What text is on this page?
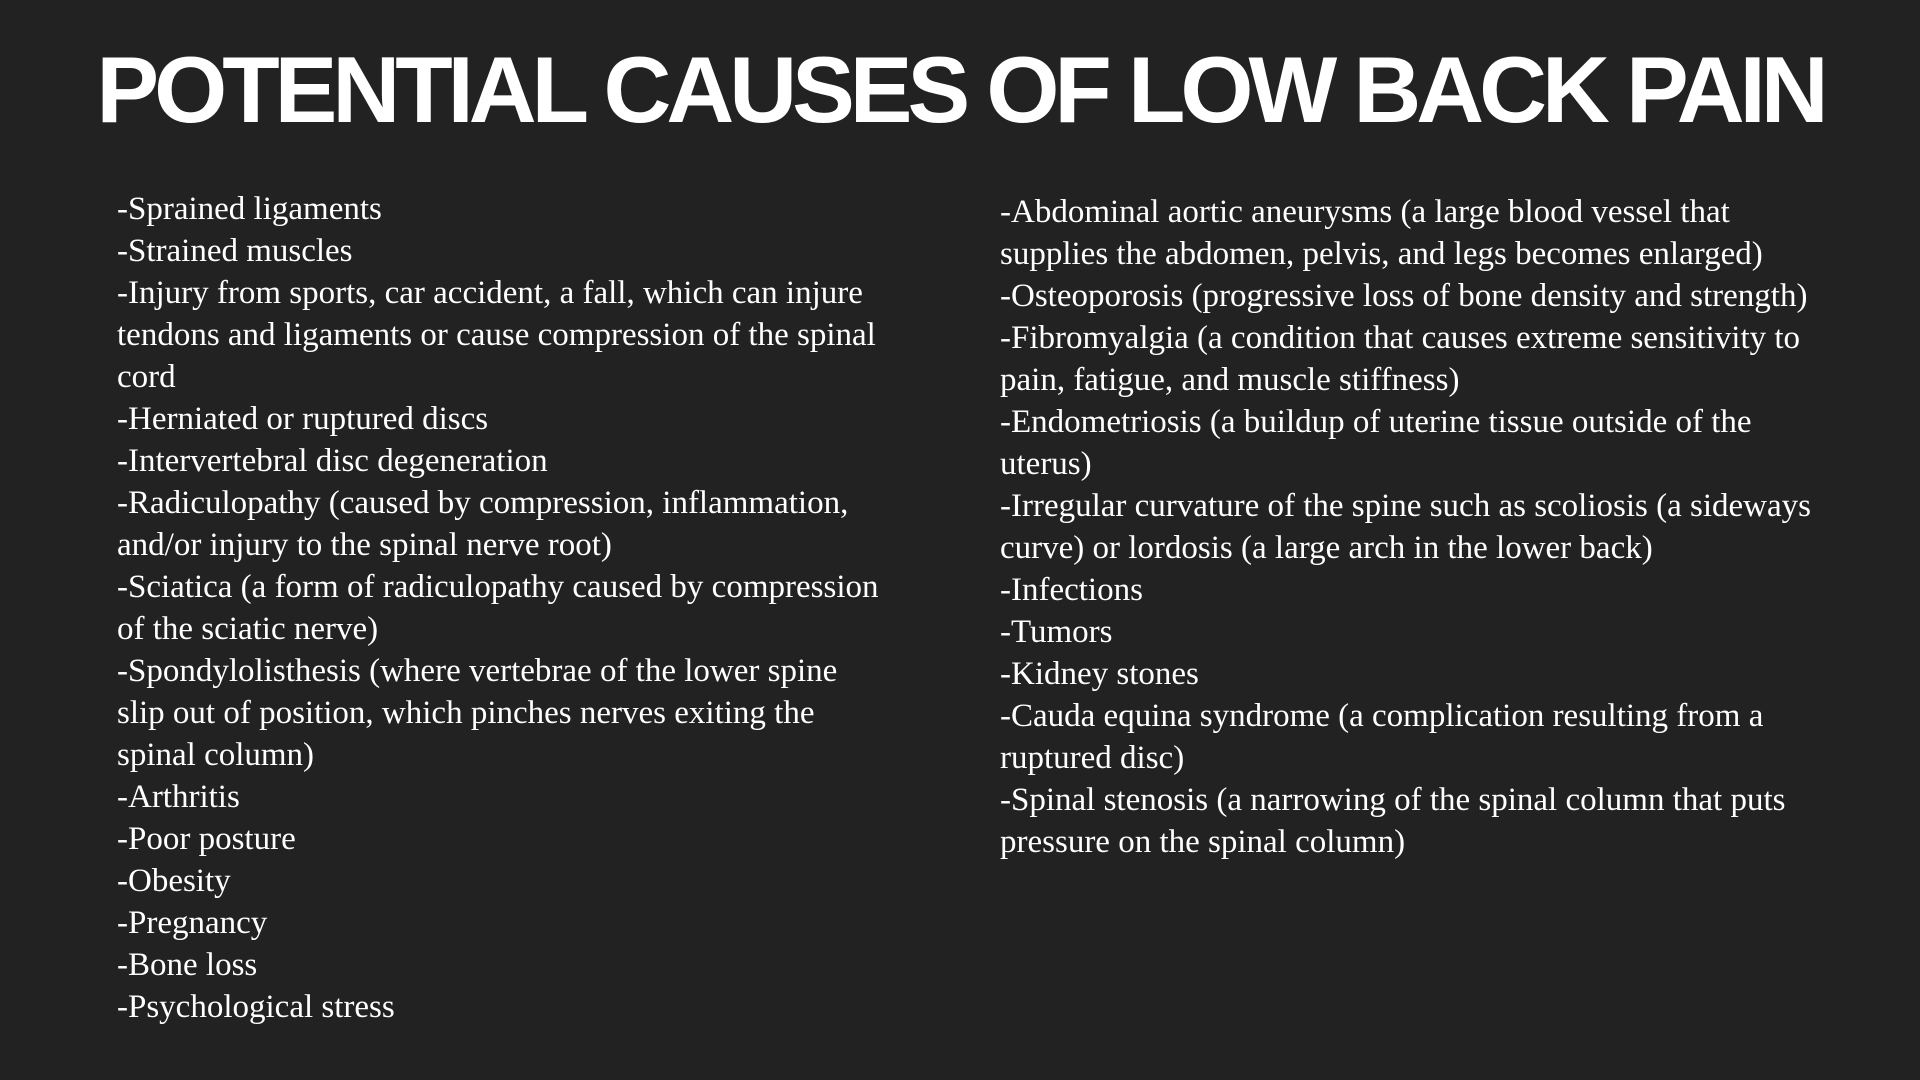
POTENTIAL CAUSES OF LOW BACK PAIN
-Sprained ligaments
-Strained muscles
-Injury from sports, car accident, a fall, which can injure tendons and ligaments or cause compression of the spinal cord
-Herniated or ruptured discs
-Intervertebral disc degeneration
-Radiculopathy (caused by compression, inflammation, and/or injury to the spinal nerve root)
-Sciatica (a form of radiculopathy caused by compression of the sciatic nerve)
-Spondylolisthesis (where vertebrae of the lower spine slip out of position, which pinches nerves exiting the spinal column)
-Arthritis
-Poor posture
-Obesity
-Pregnancy
-Bone loss
-Psychological stress
-Abdominal aortic aneurysms (a large blood vessel that supplies the abdomen, pelvis, and legs becomes enlarged)
-Osteoporosis (progressive loss of bone density and strength)
-Fibromyalgia (a condition that causes extreme sensitivity to pain, fatigue, and muscle stiffness)
-Endometriosis (a buildup of uterine tissue outside of the uterus)
-Irregular curvature of the spine such as scoliosis (a sideways curve) or lordosis (a large arch in the lower back)
-Infections
-Tumors
-Kidney stones
-Cauda equina syndrome (a complication resulting from a ruptured disc)
-Spinal stenosis (a narrowing of the spinal column that puts pressure on the spinal column)
